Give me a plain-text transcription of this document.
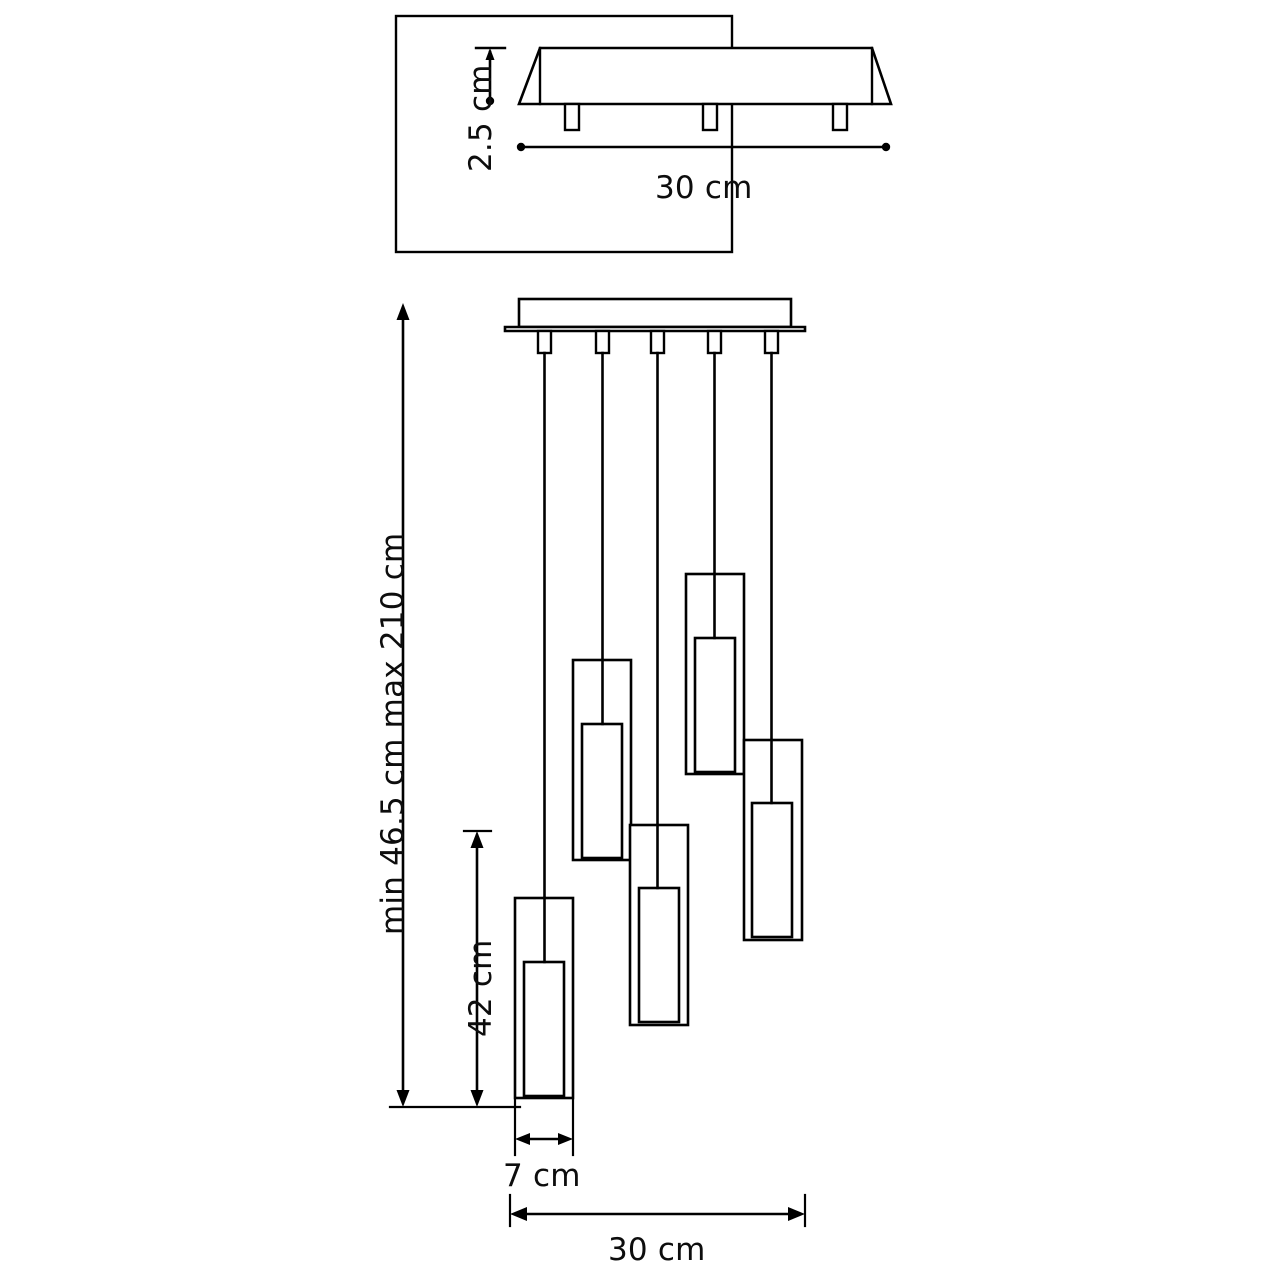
min 46.5 cm max 210 cm
42 cm
2.5 cm
30 cm
7 cm
30 cm
